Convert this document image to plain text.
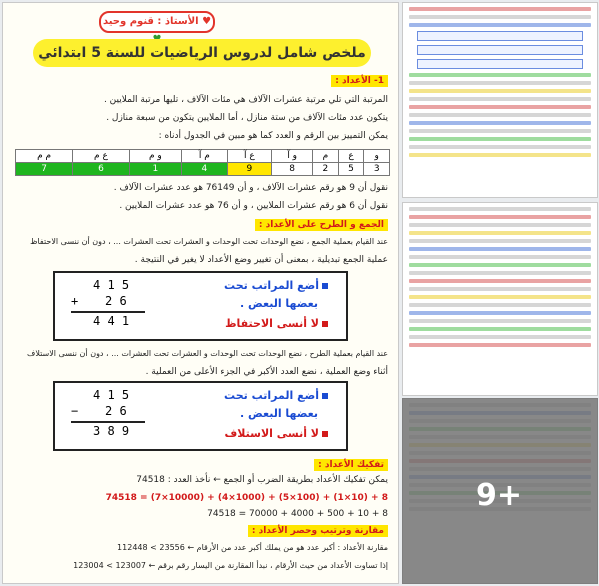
♥ الأستاذ : قنوم وحيد
ملخص شامل لدروس الرياضيات للسنة 5 ابتدائي
1- الأعداد :
المرتبة التي تلي مرتبة عشرات الآلاف هي مئات الآلاف ، تليها مرتبة الملايين .
يتكون عدد مئات الآلاف من ستة منازل ، أما الملايين يتكون من سبعة منازل .
يمكن التمييز بين الرقم و العدد كما هو مبين في الجدول أدناه :
و	ع	م	و آ	ع آ	م آ	و م	ع م	م م
3	5	2	8	9	4	1	6	7
نقول أن 9 هو رقم عشرات الآلاف ، و أن 76149 هو عدد عشرات الآلاف .
نقول أن 6 هو رقم عشرات الملايين ، و أن 76 هو عدد عشرات الملايين .
الجمع و الطرح على الأعداد :
عند القيام بعملية الجمع ، نضع الوحدات تحت الوحدات و العشرات تحت العشرات ... ، دون أن ننسى الاحتفاظ
عملية الجمع تبديلية ، بمعنى أن تغيير وضع الأعداد لا يغير في النتيجة .
4 1 5
+ 2 6
4 4 1
أضع المراتب تحت
بعضها البعض .
لا أنسى الاحتفاظ
عند القيام بعملية الطرح ، نضع الوحدات تحت الوحدات و العشرات تحت العشرات ... ، دون أن ننسى الاستلاف
أثناء وضع العملية ، نضع العدد الأكبر في الجزء الأعلى من العملية .
4 1 5
− 2 6
3 8 9
أضع المراتب تحت
بعضها البعض .
لا أنسى الاستلاف
تفكيك الأعداد :
يمكن تفكيك الأعداد بطريقة الضرب أو الجمع ← نأخذ العدد : 74518
74518 = (7×10000) + (4×1000) + (5×100) + (1×10) + 8
74518 = 70000 + 4000 + 500 + 10 + 8
مقارنة وترتيب وحصر الأعداد :
مقارنة الأعداد : أكبر عدد هو من يملك أكبر عدد من الأرقام ← 23556 > 112448
إذا تساوت الأعداد من حيث الأرقام ، نبدأ المقارنة من اليسار رقم برقم ← 123007 > 123004
9+
